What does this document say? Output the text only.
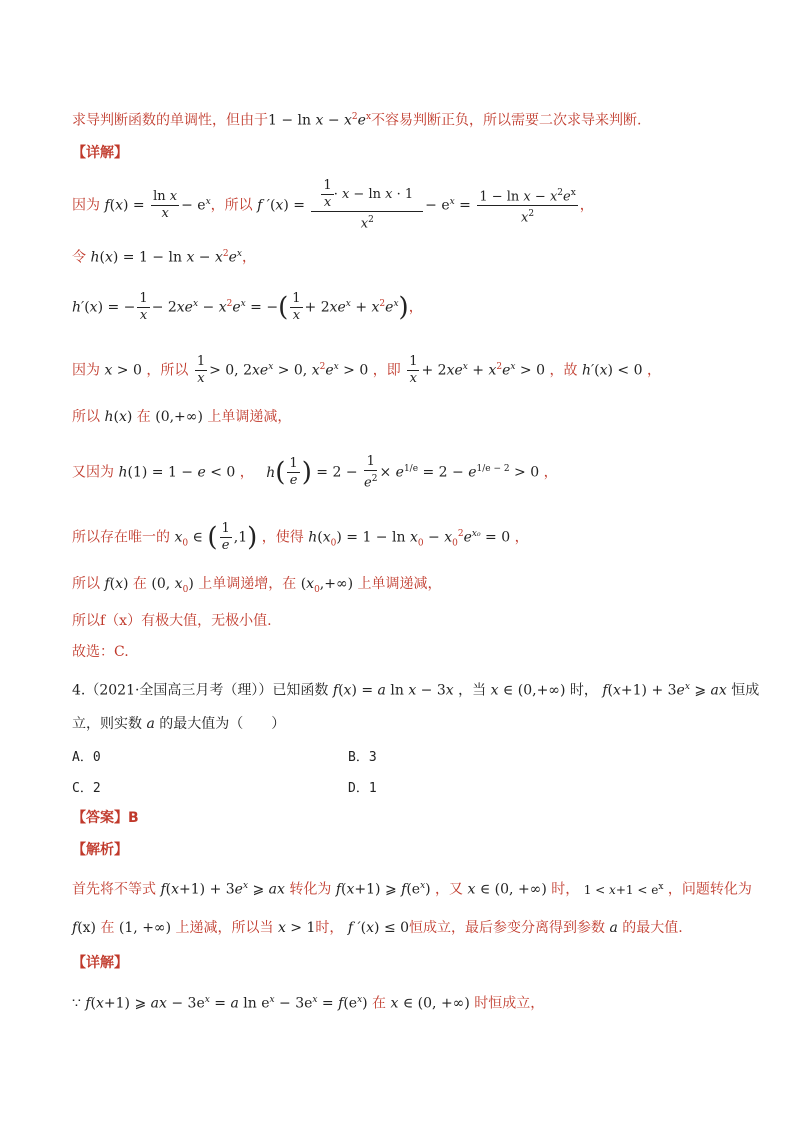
求导判断函数的单调性，但由于$1 - \ln x - x^2e^x$不容易判断正负，所以需要二次求导来判断.
【详解】
因为 $f(x) = \frac{\text{ln x}}{x} - e^x$，所以 f $'(x) = \frac{\frac{1}{x} \cdot x - \ln x \cdot 1}{x^2} - e^x = \frac{1 - \ln x - x^2e^x}{x^2}$ ，
令 $h(x) = 1 - \ln x - x^2e^x$，
h′(x) = − $\frac{1}{x} - 2xe^x - x^2e^x$ = −( $\frac{1}{x} + 2xe^x + x^2e^x$)，
因为 x > 0 ，所以 $\frac{1}{x} > 0$, $2xe^x > 0$, $x^2e^x > 0$ ，即 $\frac{1}{x} + 2xe^x + x^2e^x > 0$ ，故 h′(x) < 0 ，
所以 h(x) 在 (0,+∞) 上单调递减，
又因为 h(1) = 1 − e < 0 ， $h( \frac{1}{e}$ ) = $2 - \frac{1}{e^2} \times e^{1/e} = 2 - e^{1/e - 2} > 0$ ，
所以存在唯一的 $x_0$ ∈ ( $\frac{1}{e} ,1$) ，使得 $h(x_0) = 1 - \ln x_0 - x_0^2e^{x_0} = 0$ ，
所以 f(x) 在 (0, $x_0$) 上单调递增，在 $(x_0,+\infty)$ 上单调递减，
所以f（x）有极大值，无极小值.
故选：C.
4.（2021·全国高三月考（理））已知函数 f(x) = a ln x − 3x ，当 x ∈ (0,+∞) 时， $f(x+1) + 3e^x$ ⩾ ax 恒成
立，则实数 a 的最大值为（　　）
A．0	B．3
C．2	D．1
【答案】B
【解析】
首先将不等式 $f(x+1) + 3e^x$ ⩾ ax 转化为 f(x+1) ⩾ $f(e^x)$ ，又 x ∈ (0, +∞) 时， $1 < x+1 < e^x$ ，问题转化为
f(x) 在 (1, +∞) 上递减，所以当 x > 1时， f ′(x) ≤ 0恒成立，最后参变分离得到参数 a 的最大值.
【详解】
∵ f(x+1) ⩾ ax − $3e^x = a$ $\ln e^x - 3e^x = f(e^x)$ 在 x ∈ (0, +∞) 时恒成立，
